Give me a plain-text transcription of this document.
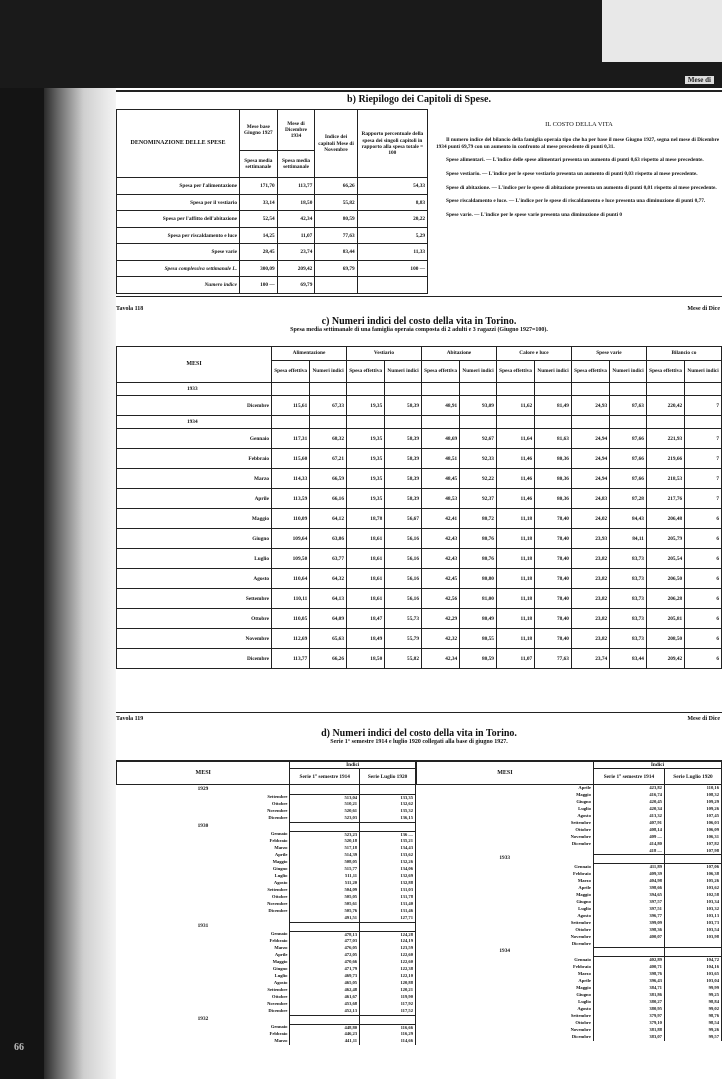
Mese di
66
b) Riepilogo dei Capitoli di Spese.
DENOMINAZIONE DELLE SPESE	Mese base Giugno 1927	Mese di Dicembre 1934	Indice dei capitoli Mese di Novembre	Rapporto percentuale della spesa dei singoli capitoli in rapporto alla spesa totale = 100
	Spesa media settimanale	Spesa media settimanale		
Spesa per l'alimentazione	171,70	113,77	66,26	54,33
Spesa per il vestiario	33,14	18,50	55,82	8,83
Spesa per l'affitto dell'abitazione	52,54	42,34	80,59	20,22
Spesa per riscaldamento e luce	14,25	11,07	77,63	5,29
Spese varie	28,45	23,74	83,44	11,33
Spesa complessiva settimanale L.	300,09	209,42	69,79	100 —
Numero indice	100 —	69,79		
IL COSTO DELLA VITA
Il numero indice del bilancio della famiglia operaia tipo che ha per base il mese Giugno 1927, segna nel mese di Dicembre 1934 punti 69,79 con un aumento in confronto al mese precedente di punti 0,31.
Spese alimentari. — L'indice delle spese alimentari presenta un aumento di punti 0,63 rispetto al mese precedente.
Spese vestiario. — L'indice per le spese vestiario presenta un aumento di punti 0,03 rispetto al mese precedente.
Spese di abitazione. — L'indice per le spese di abitazione presenta un aumento di punti 0,01 rispetto al mese precedente.
Spese riscaldamento e luce. — L'indice per le spese di riscaldamento e luce presenta una diminuzione di punti 0,77.
Spese varie. — L'indice per le spese varie presenta una diminuzione di punti 0
Tavola 118	Mese di Dice
c) Numeri indici del costo della vita in Torino.
Spesa media settimanale di una famiglia operaia composta di 2 adulti e 3 ragazzi (Giugno 1927=100).
MESI	Alimentazione		Vestiario		Abitazione		Calore e luce		Spese varie		Bilancio co	
	Spesa effettiva	Numeri indici	Spesa effettiva	Numeri indici	Spesa effettiva	Numeri indici	Spesa effettiva	Numeri indici	Spesa effettiva	Numeri indici	Spesa effettiva	Numeri indici
1933												
Dicembre	115,61	67,33	19,35	58,39	48,91	93,09	11,62	81,49	24,93	87,63	220,42	7
1934												
Gennaio	117,31	68,32	19,35	58,39	48,69	92,67	11,64	81,63	24,94	87,66	221,93	7
Febbraio	115,60	67,21	19,35	58,39	48,51	92,33	11,46	80,36	24,94	87,66	219,66	7
Marzo	114,33	66,59	19,35	58,39	48,45	92,22	11,46	80,36	24,94	87,66	218,53	7
Aprile	113,59	66,16	19,35	58,39	48,53	92,37	11,46	80,36	24,83	87,28	217,76	7
Maggio	110,09	64,12	18,78	56,67	42,41	80,72	11,18	78,40	24,02	84,43	206,48	6
Giugno	109,64	63,86	18,61	56,16	42,43	80,76	11,18	78,40	23,93	84,11	205,79	6
Luglio	109,50	63,77	18,61	56,16	42,43	80,76	11,18	78,40	23,82	83,73	205,54	6
Agosto	110,64	64,32	18,61	56,16	42,45	80,80	11,18	78,40	23,82	83,73	206,50	6
Settembre	110,11	64,13	18,61	56,16	42,56	81,00	11,18	78,40	23,82	83,73	206,28	6
Ottobre	110,05	64,09	18,47	55,73	42,29	80,49	11,18	78,40	23,82	83,73	205,81	6
Novembre	112,69	65,63	18,49	55,79	42,32	80,55	11,18	78,40	23,82	83,73	208,50	6
Dicembre	113,77	66,26	18,50	55,82	42,34	80,59	11,07	77,63	23,74	83,44	209,42	6
Tavola 119	Mese di Dice
d) Numeri indici del costo della vita in Torino.
Serie 1° semestre 1914 e luglio 1920 collegati alla base di giugno 1927.
MESI	Indici	
	Serie 1° semestre 1914	Serie Luglio 1920
1929		
Settembre	513,04	133,35
Ottobre	510,21	132,62
Novembre	520,61	135,32
Dicembre	523,03	136,15
1930		
Gennaio	523,23	136 —
Febbraio	520,18	135,21
Marzo	517,18	134,43
Aprile	514,39	133,62
Maggio	508,05	132,26
Giugno	515,77	134,06
Luglio	511,11	132,69
Agosto	511,20	132,88
Settembre	504,09	131,03
Ottobre	505,05	131,78
Novembre	505,61	131,40
Dicembre	505,76	131,46
	491,51	127,71
1931		
Gennaio	478,13	124,28
Febbraio	477,03	124,19
Marzo	476,05	123,59
Aprile	472,05	122,60
Maggio	470,66	122,60
Giugno	471,79	122,38
Luglio	469,73	122,10
Agosto	465,05	120,88
Settembre	462,48	120,21
Ottobre	461,67	119,90
Novembre	453,68	117,92
Dicembre	452,13	117,52
1932		
Gennaio	448,80	116,66
Febbraio	446,23	116,29
Marzo	441,11	114,66
MESI	Indici	
	Serie 1° semestre 1914	Serie Luglio 1920
Aprile	423,82	110,16
Maggio	416,74	108,32
Giugno	420,45	109,29
Luglio	420,34	109,26
Agosto	413,32	107,45
Settembre	407,91	106,03
Ottobre	408,14	106,09
Novembre	409 —	106,31
Dicembre	414,80	107,82
	418 —	107,98
1933		
Gennaio	411,89	107,06
Febbraio	409,39	106,38
Marzo	404,98	105,26
Aprile	398,66	103,62
Maggio	394,65	102,58
Giugno	397,57	103,34
Luglio	397,51	103,32
Agosto	396,77	103,13
Settembre	399,09	103,73
Ottobre	398,36	103,54
Novembre	400,07	103,98
Dicembre		
1934		
Gennaio	402,89	104,72
Febbraio	400,71	104,16
Marzo	398,76	103,65
Aprile	396,43	103,04
Maggio	384,71	99,99
Giugno	381,86	99,25
Luglio	380,27	98,84
Agosto	380,95	99,02
Settembre	379,97	98,76
Ottobre	379,10	98,54
Novembre	381,88	99,26
Dicembre	383,07	99,57
